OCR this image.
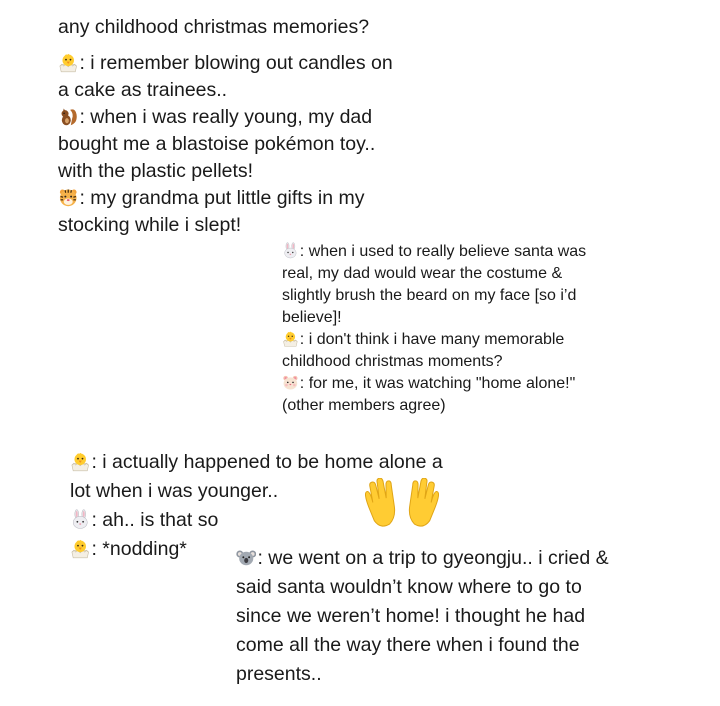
any childhood christmas memories?
: i remember blowing out candles on
a cake as trainees..
: when i was really young, my dad
bought me a blastoise pokémon toy..
with the plastic pellets!
: my grandma put little gifts in my
stocking while i slept!
: when i used to really believe santa was
real, my dad would wear the costume &
slightly brush the beard on my face [so i’d
believe]!
: i don't think i have many memorable
childhood christmas moments?
: for me, it was watching "home alone!"
(other members agree)
: i actually happened to be home alone a
lot when i was younger..
: ah.. is that so
: *nodding*	: we went on a trip to gyeongju.. i cried &
said santa wouldn’t know where to go to
since we weren’t home! i thought he had
come all the way there when i found the
presents..
